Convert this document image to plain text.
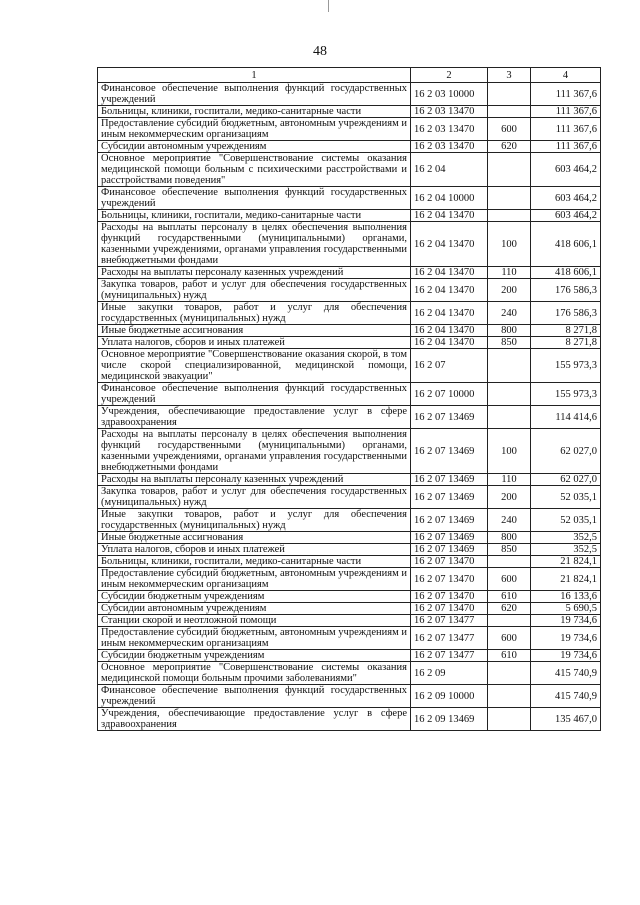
48
1	2	3	4
Финансовое обеспечение выполнения функций государственных учреждений	16 2 03 10000		111 367,6
Больницы, клиники, госпитали, медико-санитарные части	16 2 03 13470		111 367,6
Предоставление субсидий бюджетным, автономным учреждениям и иным некоммерческим организациям	16 2 03 13470	600	111 367,6
Субсидии автономным учреждениям	16 2 03 13470	620	111 367,6
Основное мероприятие "Совершенствование системы оказания медицинской помощи больным с психическими расстройствами и расстройствами поведения"	16 2 04		603 464,2
Финансовое обеспечение выполнения функций государственных учреждений	16 2 04 10000		603 464,2
Больницы, клиники, госпитали, медико-санитарные части	16 2 04 13470		603 464,2
Расходы на выплаты персоналу в целях обеспечения выполнения функций государственными (муниципальными) органами, казенными учреждениями, органами управления государственными внебюджетными фондами	16 2 04 13470	100	418 606,1
Расходы на выплаты персоналу казенных учреждений	16 2 04 13470	110	418 606,1
Закупка товаров, работ и услуг для обеспечения государственных (муниципальных) нужд	16 2 04 13470	200	176 586,3
Иные закупки товаров, работ и услуг для обеспечения государственных (муниципальных) нужд	16 2 04 13470	240	176 586,3
Иные бюджетные ассигнования	16 2 04 13470	800	8 271,8
Уплата налогов, сборов и иных платежей	16 2 04 13470	850	8 271,8
Основное мероприятие "Совершенствование оказания скорой, в том числе скорой специализированной, медицинской помощи, медицинской эвакуации"	16 2 07		155 973,3
Финансовое обеспечение выполнения функций государственных учреждений	16 2 07 10000		155 973,3
Учреждения, обеспечивающие предоставление услуг в сфере здравоохранения	16 2 07 13469		114 414,6
Расходы на выплаты персоналу в целях обеспечения выполнения функций государственными (муниципальными) органами, казенными учреждениями, органами управления государственными внебюджетными фондами	16 2 07 13469	100	62 027,0
Расходы на выплаты персоналу казенных учреждений	16 2 07 13469	110	62 027,0
Закупка товаров, работ и услуг для обеспечения государственных (муниципальных) нужд	16 2 07 13469	200	52 035,1
Иные закупки товаров, работ и услуг для обеспечения государственных (муниципальных) нужд	16 2 07 13469	240	52 035,1
Иные бюджетные ассигнования	16 2 07 13469	800	352,5
Уплата налогов, сборов и иных платежей	16 2 07 13469	850	352,5
Больницы, клиники, госпитали, медико-санитарные части	16 2 07 13470		21 824,1
Предоставление субсидий бюджетным, автономным учреждениям и иным некоммерческим организациям	16 2 07 13470	600	21 824,1
Субсидии бюджетным учреждениям	16 2 07 13470	610	16 133,6
Субсидии автономным учреждениям	16 2 07 13470	620	5 690,5
Станции скорой и неотложной помощи	16 2 07 13477		19 734,6
Предоставление субсидий бюджетным, автономным учреждениям и иным некоммерческим организациям	16 2 07 13477	600	19 734,6
Субсидии бюджетным учреждениям	16 2 07 13477	610	19 734,6
Основное мероприятие "Совершенствование системы оказания медицинской помощи больным прочими заболеваниями"	16 2 09		415 740,9
Финансовое обеспечение выполнения функций государственных учреждений	16 2 09 10000		415 740,9
Учреждения, обеспечивающие предоставление услуг в сфере здравоохранения	16 2 09 13469		135 467,0
